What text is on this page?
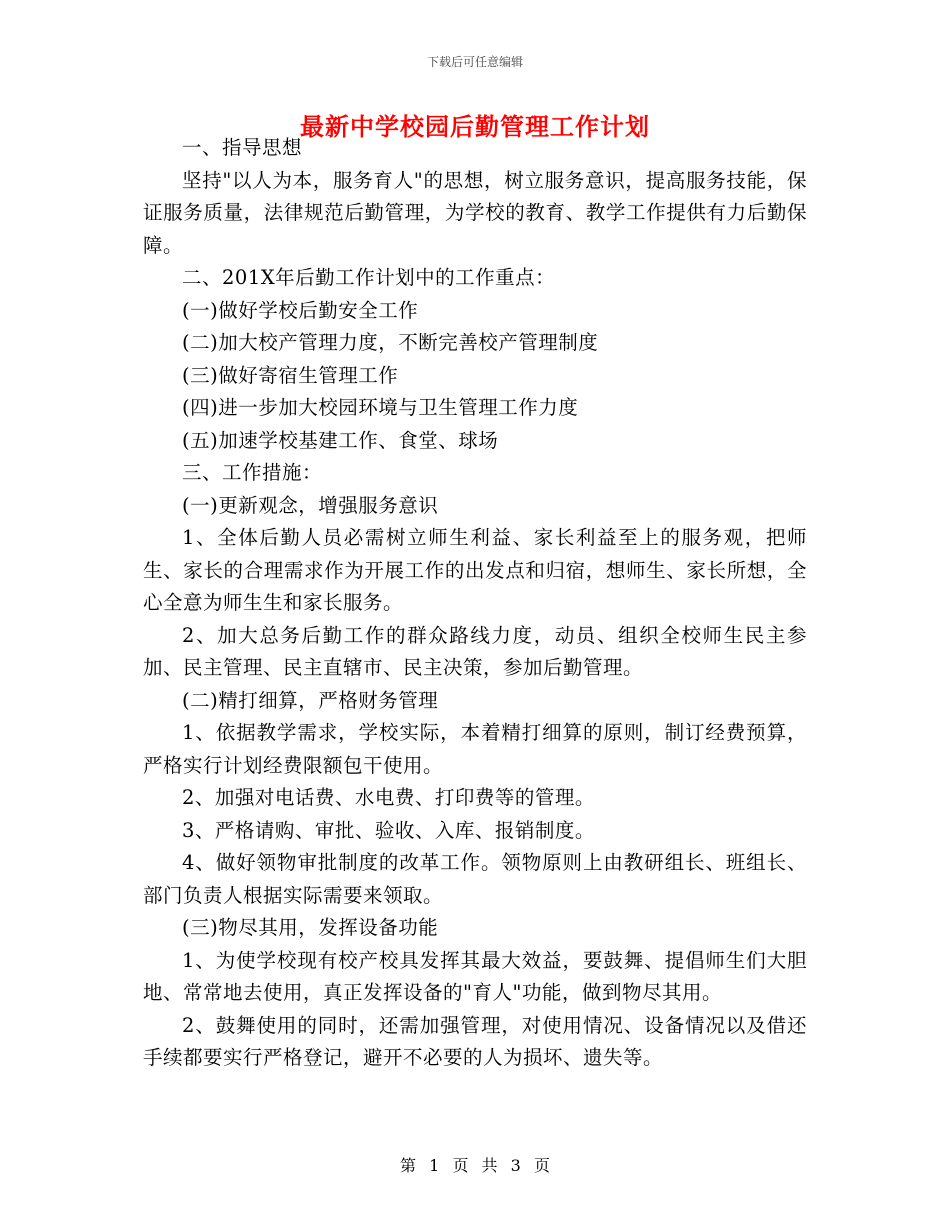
下载后可任意编辑
最新中学校园后勤管理工作计划

一、指导思想

坚持"以人为本，服务育人"的思想，树立服务意识，提高服务技能，保证服务质量，法律规范后勤管理，为学校的教育、教学工作提供有力后勤保障。

二、201X年后勤工作计划中的工作重点：

(一)做好学校后勤安全工作

(二)加大校产管理力度，不断完善校产管理制度

(三)做好寄宿生管理工作

(四)进一步加大校园环境与卫生管理工作力度

(五)加速学校基建工作、食堂、球场

三、工作措施：

(一)更新观念，增强服务意识

1、全体后勤人员必需树立师生利益、家长利益至上的服务观，把师生、家长的合理需求作为开展工作的出发点和归宿，想师生、家长所想，全心全意为师生生和家长服务。

2、加大总务后勤工作的群众路线力度，动员、组织全校师生民主参加、民主管理、民主直辖市、民主决策，参加后勤管理。

(二)精打细算，严格财务管理

1、依据教学需求，学校实际，本着精打细算的原则，制订经费预算，严格实行计划经费限额包干使用。

2、加强对电话费、水电费、打印费等的管理。

3、严格请购、审批、验收、入库、报销制度。

4、做好领物审批制度的改革工作。领物原则上由教研组长、班组长、部门负责人根据实际需要来领取。

(三)物尽其用，发挥设备功能

1、为使学校现有校产校具发挥其最大效益，要鼓舞、提倡师生们大胆地、常常地去使用，真正发挥设备的"育人"功能，做到物尽其用。

2、鼓舞使用的同时，还需加强管理，对使用情况、设备情况以及借还手续都要实行严格登记，避开不必要的人为损坏、遗失等。

第 1 页 共 3 页
